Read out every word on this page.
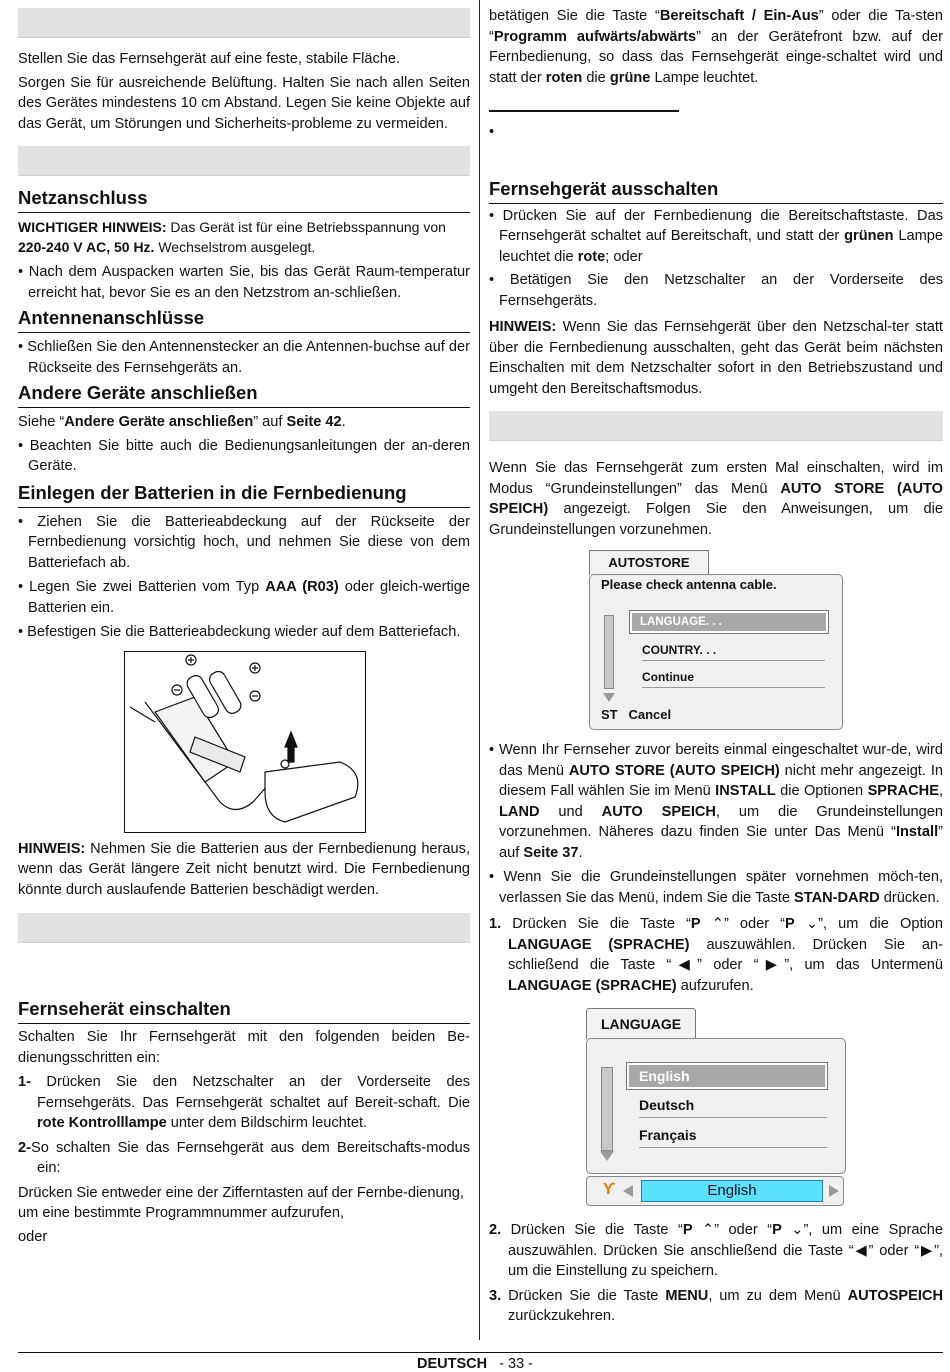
Stellen Sie das Fernsehgerät auf eine feste, stabile Fläche.

Sorgen Sie für ausreichende Belüftung. Halten Sie nach allen Seiten des Gerätes mindestens 10 cm Abstand. Legen Sie keine Objekte auf das Gerät, um Störungen und Sicherheits-probleme zu vermeiden.

Netzanschluss

WICHTIGER HINWEIS: Das Gerät ist für eine Betriebsspannung von 220-240 V AC, 50 Hz. Wechselstrom ausgelegt.

• Nach dem Auspacken warten Sie, bis das Gerät Raum-temperatur erreicht hat, bevor Sie es an den Netzstrom an-schließen.

Antennenanschlüsse

• Schließen Sie den Antennenstecker an die Antennen-buchse auf der Rückseite des Fernsehgeräts an.

Andere Geräte anschließen

Siehe “Andere Geräte anschließen” auf Seite 42.

• Beachten Sie bitte auch die Bedienungsanleitungen der an-deren Geräte.

Einlegen der Batterien in die Fernbedienung

• Ziehen Sie die Batterieabdeckung auf der Rückseite der Fernbedienung vorsichtig hoch, und nehmen Sie diese von dem Batteriefach ab.

• Legen Sie zwei Batterien vom Typ AAA (R03) oder gleich-wertige Batterien ein.

• Befestigen Sie die Batterieabdeckung wieder auf dem Batteriefach.

HINWEIS: Nehmen Sie die Batterien aus der Fernbedienung heraus, wenn das Gerät längere Zeit nicht benutzt wird. Die Fernbedienung könnte durch auslaufende Batterien beschädigt werden.

Fernseherät einschalten

Schalten Sie Ihr Fernsehgerät mit den folgenden beiden Be-dienungsschritten ein:

1- Drücken Sie den Netzschalter an der Vorderseite des Fernsehgeräts. Das Fernsehgerät schaltet auf Bereit-schaft. Die rote Kontrolllampe unter dem Bildschirm leuchtet.

2-So schalten Sie das Fernsehgerät aus dem Bereitschafts-modus ein:

Drücken Sie entweder eine der Zifferntasten auf der Fernbe-dienung, um eine bestimmte Programmnummer aufzurufen,

oder

betätigen Sie die Taste “Bereitschaft / Ein-Aus” oder die Ta-sten “Programm aufwärts/abwärts” an der Gerätefront bzw. auf der Fernbedienung, so dass das Fernsehgerät einge-schaltet wird und statt der roten die grüne Lampe leuchtet.

•

Fernsehgerät ausschalten

• Drücken Sie auf der Fernbedienung die Bereitschaftstaste. Das Fernsehgerät schaltet auf Bereitschaft, und statt der grünen Lampe leuchtet die rote; oder

• Betätigen Sie den Netzschalter an der Vorderseite des Fernsehgeräts.

HINWEIS: Wenn Sie das Fernsehgerät über den Netzschal-ter statt über die Fernbedienung ausschalten, geht das Gerät beim nächsten Einschalten mit dem Netzschalter sofort in den Betriebszustand und umgeht den Bereitschaftsmodus.

Wenn Sie das Fernsehgerät zum ersten Mal einschalten, wird im Modus “Grundeinstellungen” das Menü AUTO STORE (AUTO SPEICH) angezeigt. Folgen Sie den Anweisungen, um die Grundeinstellungen vorzunehmen.

AUTOSTORE
Please check antenna cable.
LANGUAGE. . .
COUNTRY. . .
Continue
ST Cancel

• Wenn Ihr Fernseher zuvor bereits einmal eingeschaltet wur-de, wird das Menü AUTO STORE (AUTO SPEICH) nicht mehr angezeigt. In diesem Fall wählen Sie im Menü INSTALL die Optionen SPRACHE, LAND und AUTO SPEICH, um die Grundeinstellungen vorzunehmen. Näheres dazu finden Sie unter Das Menü “Install” auf Seite 37.

• Wenn Sie die Grundeinstellungen später vornehmen möch-ten, verlassen Sie das Menü, indem Sie die Taste STAN-DARD drücken.

1. Drücken Sie die Taste “P ⌃” oder “P ⌄”, um die Option LANGUAGE (SPRACHE) auszuwählen. Drücken Sie an-schließend die Taste “◀” oder “▶”, um das Untermenü LANGUAGE (SPRACHE) aufzurufen.

LANGUAGE
English
Deutsch
Français
ϒ	English

2. Drücken Sie die Taste “P ⌃” oder “P ⌄”, um eine Sprache auszuwählen. Drücken Sie anschließend die Taste “◀” oder “▶”, um die Einstellung zu speichern.

3. Drücken Sie die Taste MENU, um zu dem Menü AUTOSPEICH zurückzukehren.

DEUTSCH - 33 -
